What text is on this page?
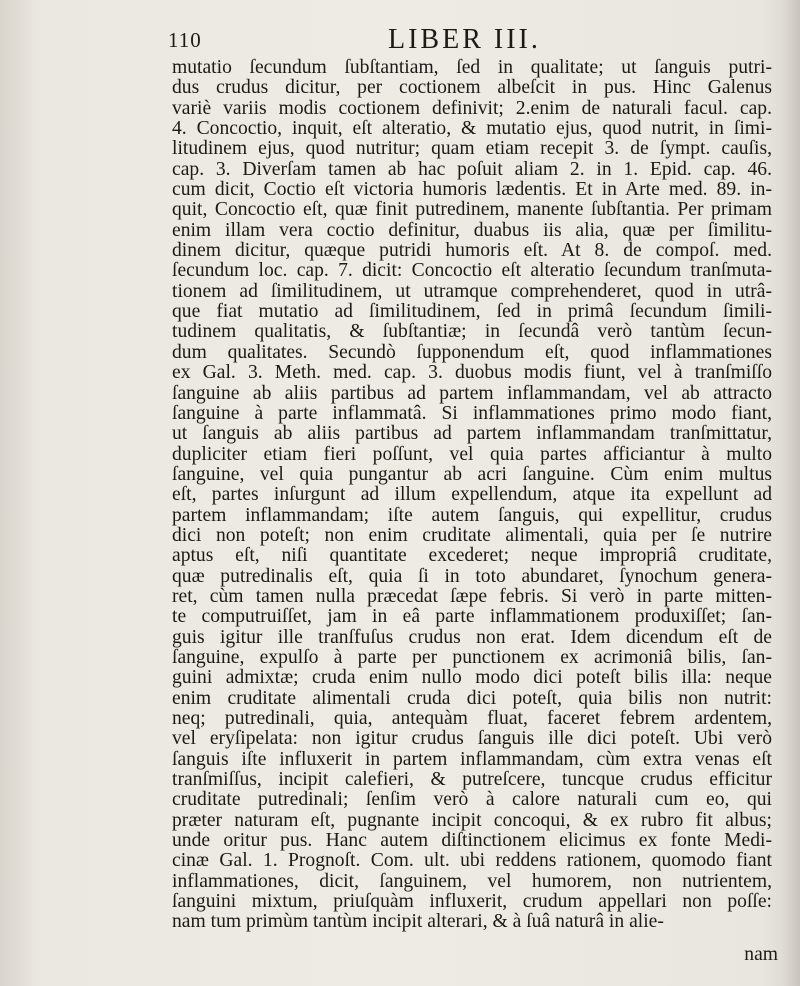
110	LIBER III.
mutatio ſecundum ſubſtantiam, ſed in qualitate; ut ſanguis putri-
dus crudus dicitur, per coctionem albeſcit in pus. Hinc Galenus
variè variis modis coctionem definivit; 2.enim de naturali facul. cap.
4. Concoctio, inquit, eſt alteratio, & mutatio ejus, quod nutrit, in ſimi-
litudinem ejus, quod nutritur; quam etiam recepit 3. de ſympt. cauſis,
cap. 3. Diverſam tamen ab hac poſuit aliam 2. in 1. Epid. cap. 46.
cum dicit, Coctio eſt victoria humoris lædentis. Et in Arte med. 89. in-
quit, Concoctio eſt, quæ finit putredinem, manente ſubſtantia. Per primam
enim illam vera coctio definitur, duabus iis alia, quæ per ſimilitu-
dinem dicitur, quæque putridi humoris eſt. At 8. de compoſ. med.
ſecundum loc. cap. 7. dicit: Concoctio eſt alteratio ſecundum tranſmuta-
tionem ad ſimilitudinem, ut utramque comprehenderet, quod in utrâ-
que fiat mutatio ad ſimilitudinem, ſed in primâ ſecundum ſimili-
tudinem qualitatis, & ſubſtantiæ; in ſecundâ verò tantùm ſecun-
dum qualitates. Secundò ſupponendum eſt, quod inflammationes
ex Gal. 3. Meth. med. cap. 3. duobus modis fiunt, vel à tranſmiſſo
ſanguine ab aliis partibus ad partem inflammandam, vel ab attracto
ſanguine à parte inflammatâ. Si inflammationes primo modo fiant,
ut ſanguis ab aliis partibus ad partem inflammandam tranſmittatur,
dupliciter etiam fieri poſſunt, vel quia partes afficiantur à multo
ſanguine, vel quia pungantur ab acri ſanguine. Cùm enim multus
eſt, partes inſurgunt ad illum expellendum, atque ita expellunt ad
partem inflammandam; iſte autem ſanguis, qui expellitur, crudus
dici non poteſt; non enim cruditate alimentali, quia per ſe nutrire
aptus eſt, niſi quantitate excederet; neque impropriâ cruditate,
quæ putredinalis eſt, quia ſi in toto abundaret, ſynochum genera-
ret, cùm tamen nulla præcedat ſæpe febris. Si verò in parte mitten-
te computruiſſet, jam in eâ parte inflammationem produxiſſet; ſan-
guis igitur ille tranſfuſus crudus non erat. Idem dicendum eſt de
ſanguine, expulſo à parte per punctionem ex acrimoniâ bilis, ſan-
guini admixtæ; cruda enim nullo modo dici poteſt bilis illa: neque
enim cruditate alimentali cruda dici poteſt, quia bilis non nutrit:
neq; putredinali, quia, antequàm fluat, faceret febrem ardentem,
vel eryſipelata: non igitur crudus ſanguis ille dici poteſt. Ubi verò
ſanguis iſte influxerit in partem inflammandam, cùm extra venas eſt
tranſmiſſus, incipit calefieri, & putreſcere, tuncque crudus efficitur
cruditate putredinali; ſenſim verò à calore naturali cum eo, qui
præter naturam eſt, pugnante incipit concoqui, & ex rubro fit albus;
unde oritur pus. Hanc autem diſtinctionem elicimus ex fonte Medi-
cinæ Gal. 1. Prognoſt. Com. ult. ubi reddens rationem, quomodo fiant
inflammationes, dicit, ſanguinem, vel humorem, non nutrientem,
ſanguini mixtum, priuſquàm influxerit, crudum appellari non poſſe:
nam tum primùm tantùm incipit alterari, & à ſuâ naturâ in alie-
nam
